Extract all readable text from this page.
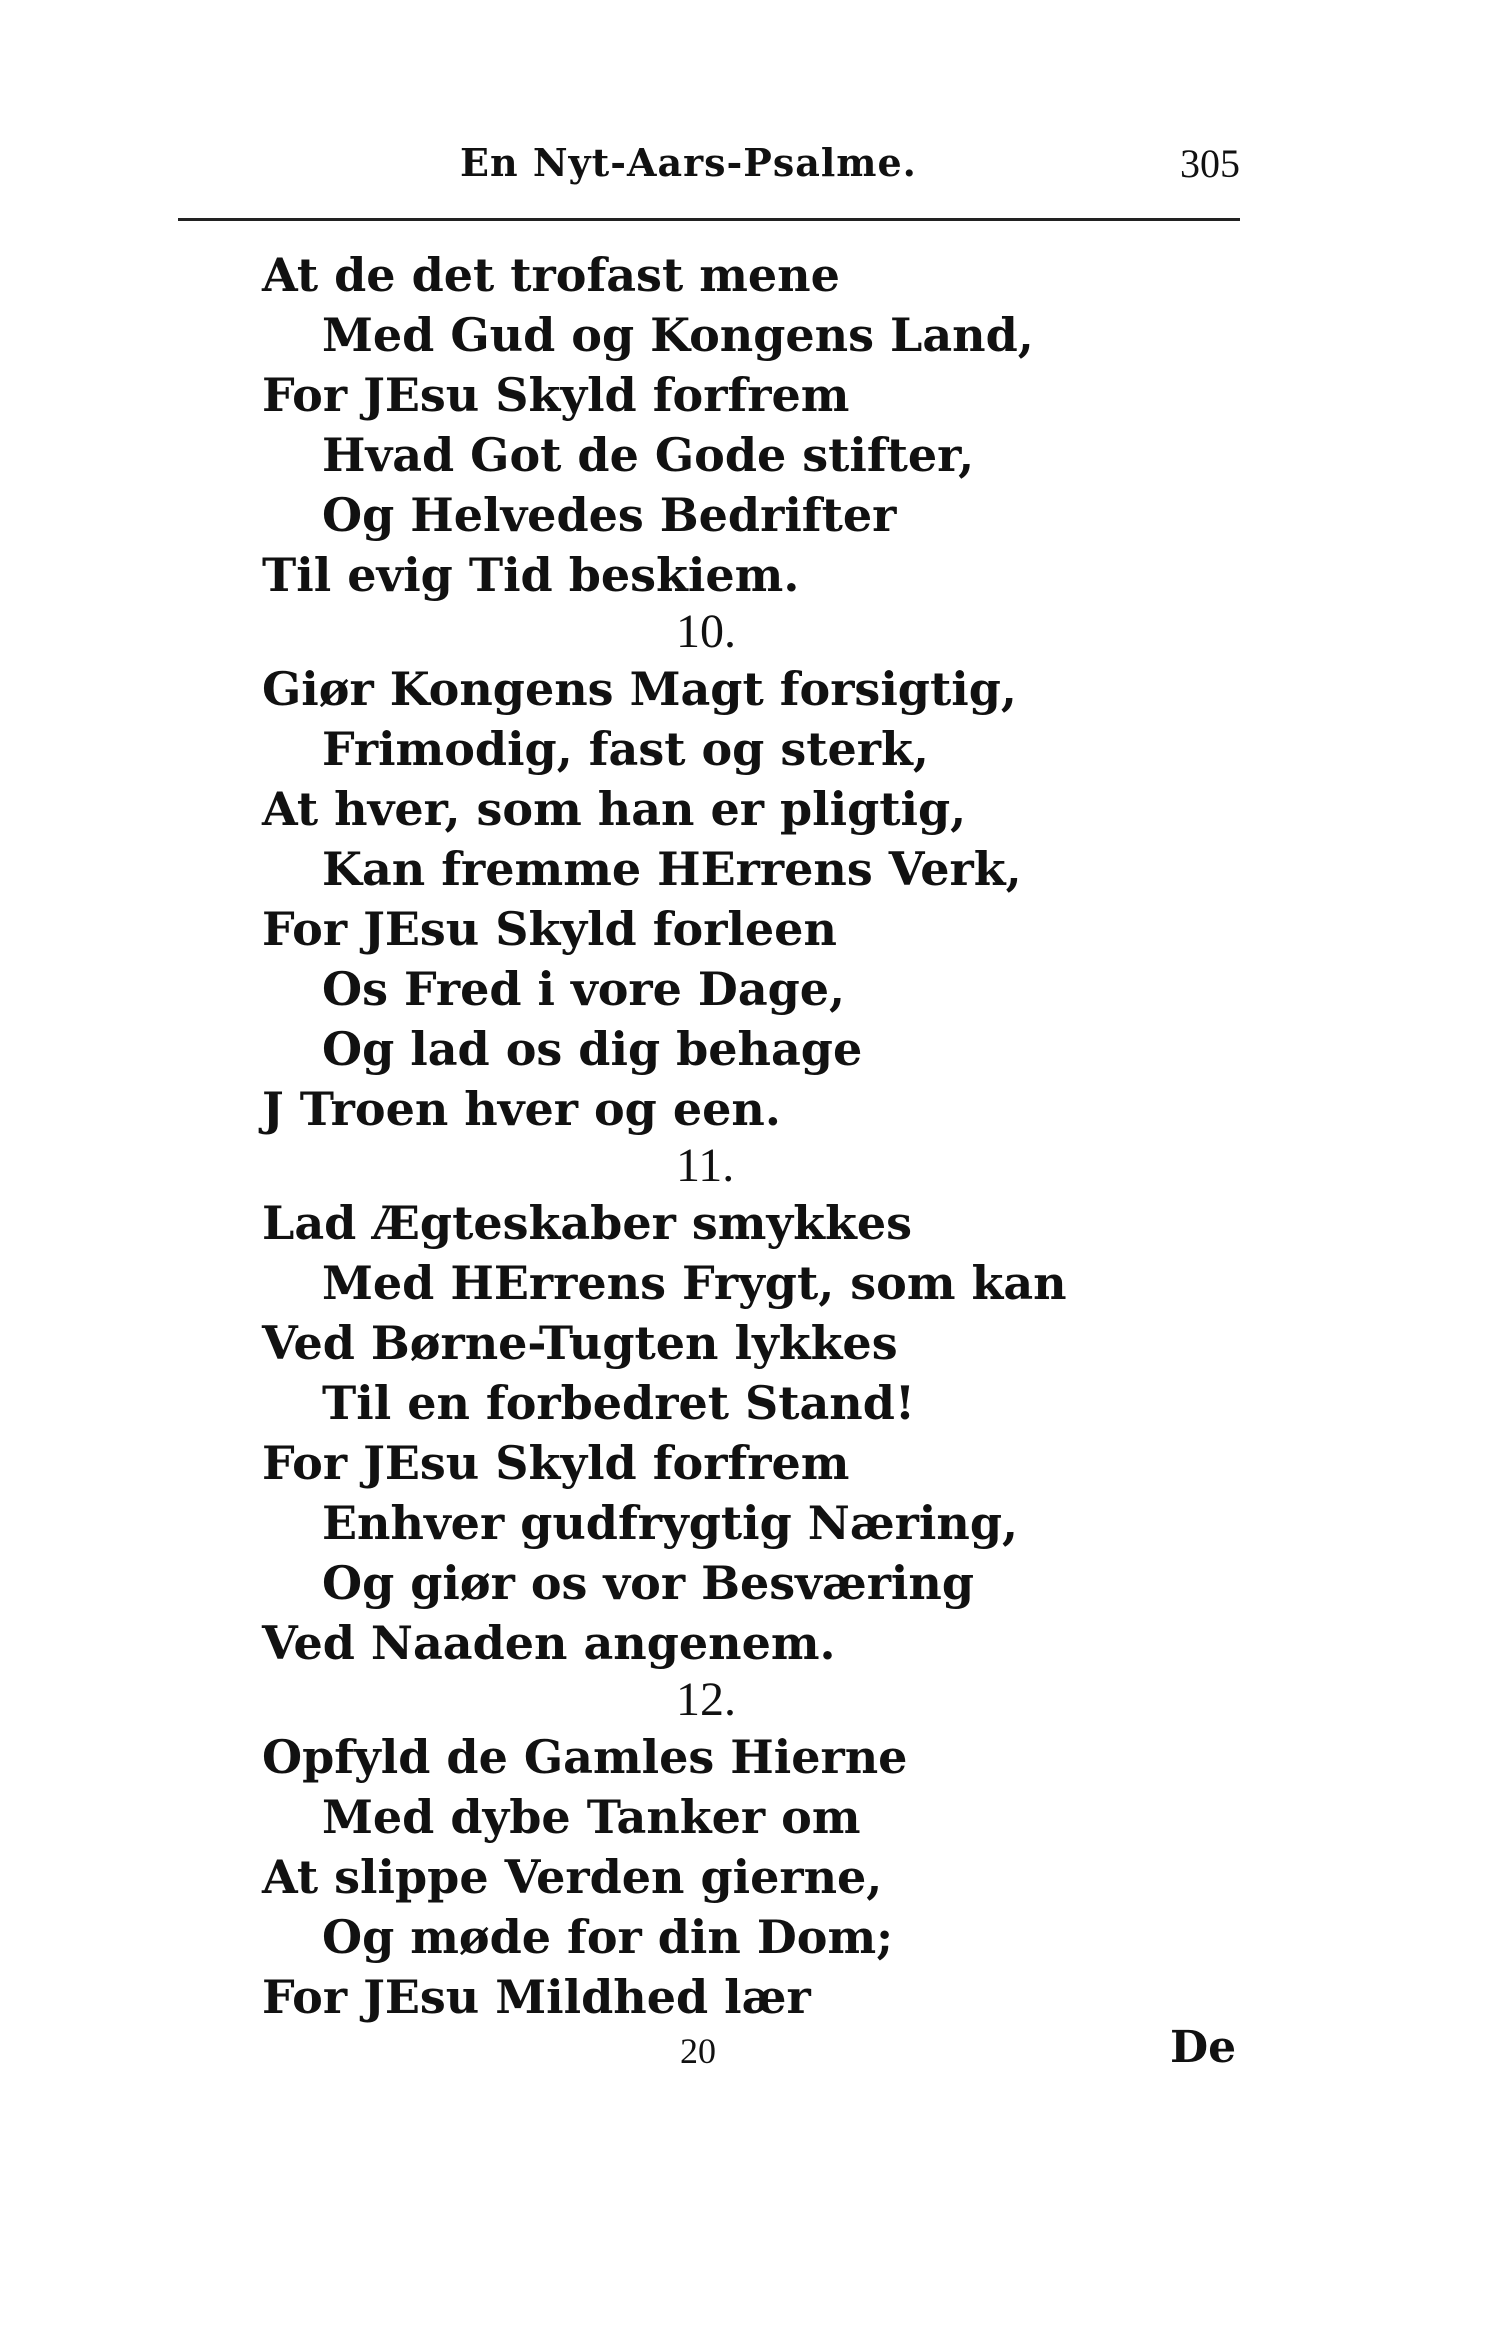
En Nyt-Aars-Psalme.	305
At de det trofast mene
Med Gud og Kongens Land,
For JEsu Skyld forfrem
Hvad Got de Gode stifter,
Og Helvedes Bedrifter
Til evig Tid beskiem.
10.
Giør Kongens Magt forsigtig,
Frimodig, fast og sterk,
At hver, som han er pligtig,
Kan fremme HErrens Verk,
For JEsu Skyld forleen
Os Fred i vore Dage,
Og lad os dig behage
J Troen hver og een.
11.
Lad Ægteskaber smykkes
Med HErrens Frygt, som kan
Ved Børne-Tugten lykkes
Til en forbedret Stand!
For JEsu Skyld forfrem
Enhver gudfrygtig Næring,
Og giør os vor Besværing
Ved Naaden angenem.
12.
Opfyld de Gamles Hierne
Med dybe Tanker om
At slippe Verden gierne,
Og møde for din Dom;
For JEsu Mildhed lær
20	De
